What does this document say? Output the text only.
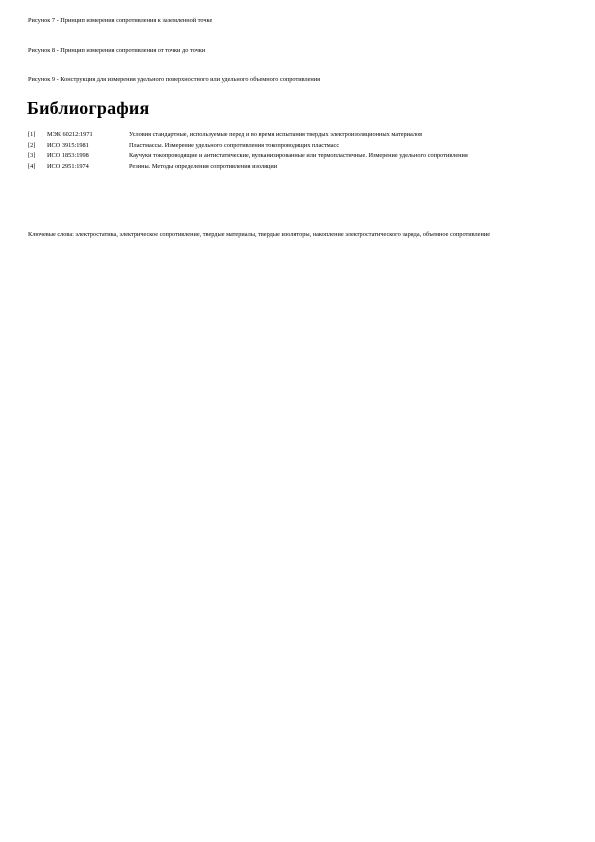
Рисунок 7 - Принцип измерения сопротивления к заземленной точке
Рисунок 8 - Принцип измерения сопротивления от точки до точки
Рисунок 9 - Конструкция для измерения удельного поверхностного или удельного объемного сопротивления
Библиография
[1]	МЭК 60212:1971	Условия стандартные, используемые перед и во время испытания твердых электроизоляционных материалов
[2]	ИСО 3915:1981	Пластмассы. Измерение удельного сопротивления токопроводящих пластмасс
[3]	ИСО 1853:1998	Каучуки токопроводящие и антистатические, вулканизированные или термопластичные. Измерение удельного сопротивления
[4]	ИСО 2951:1974	Резины. Методы определения сопротивления изоляции
Ключевые слова: электростатика, электрическое сопротивление, твердые материалы, твердые изоляторы, накопление электростатического заряда, объемное сопротивление
